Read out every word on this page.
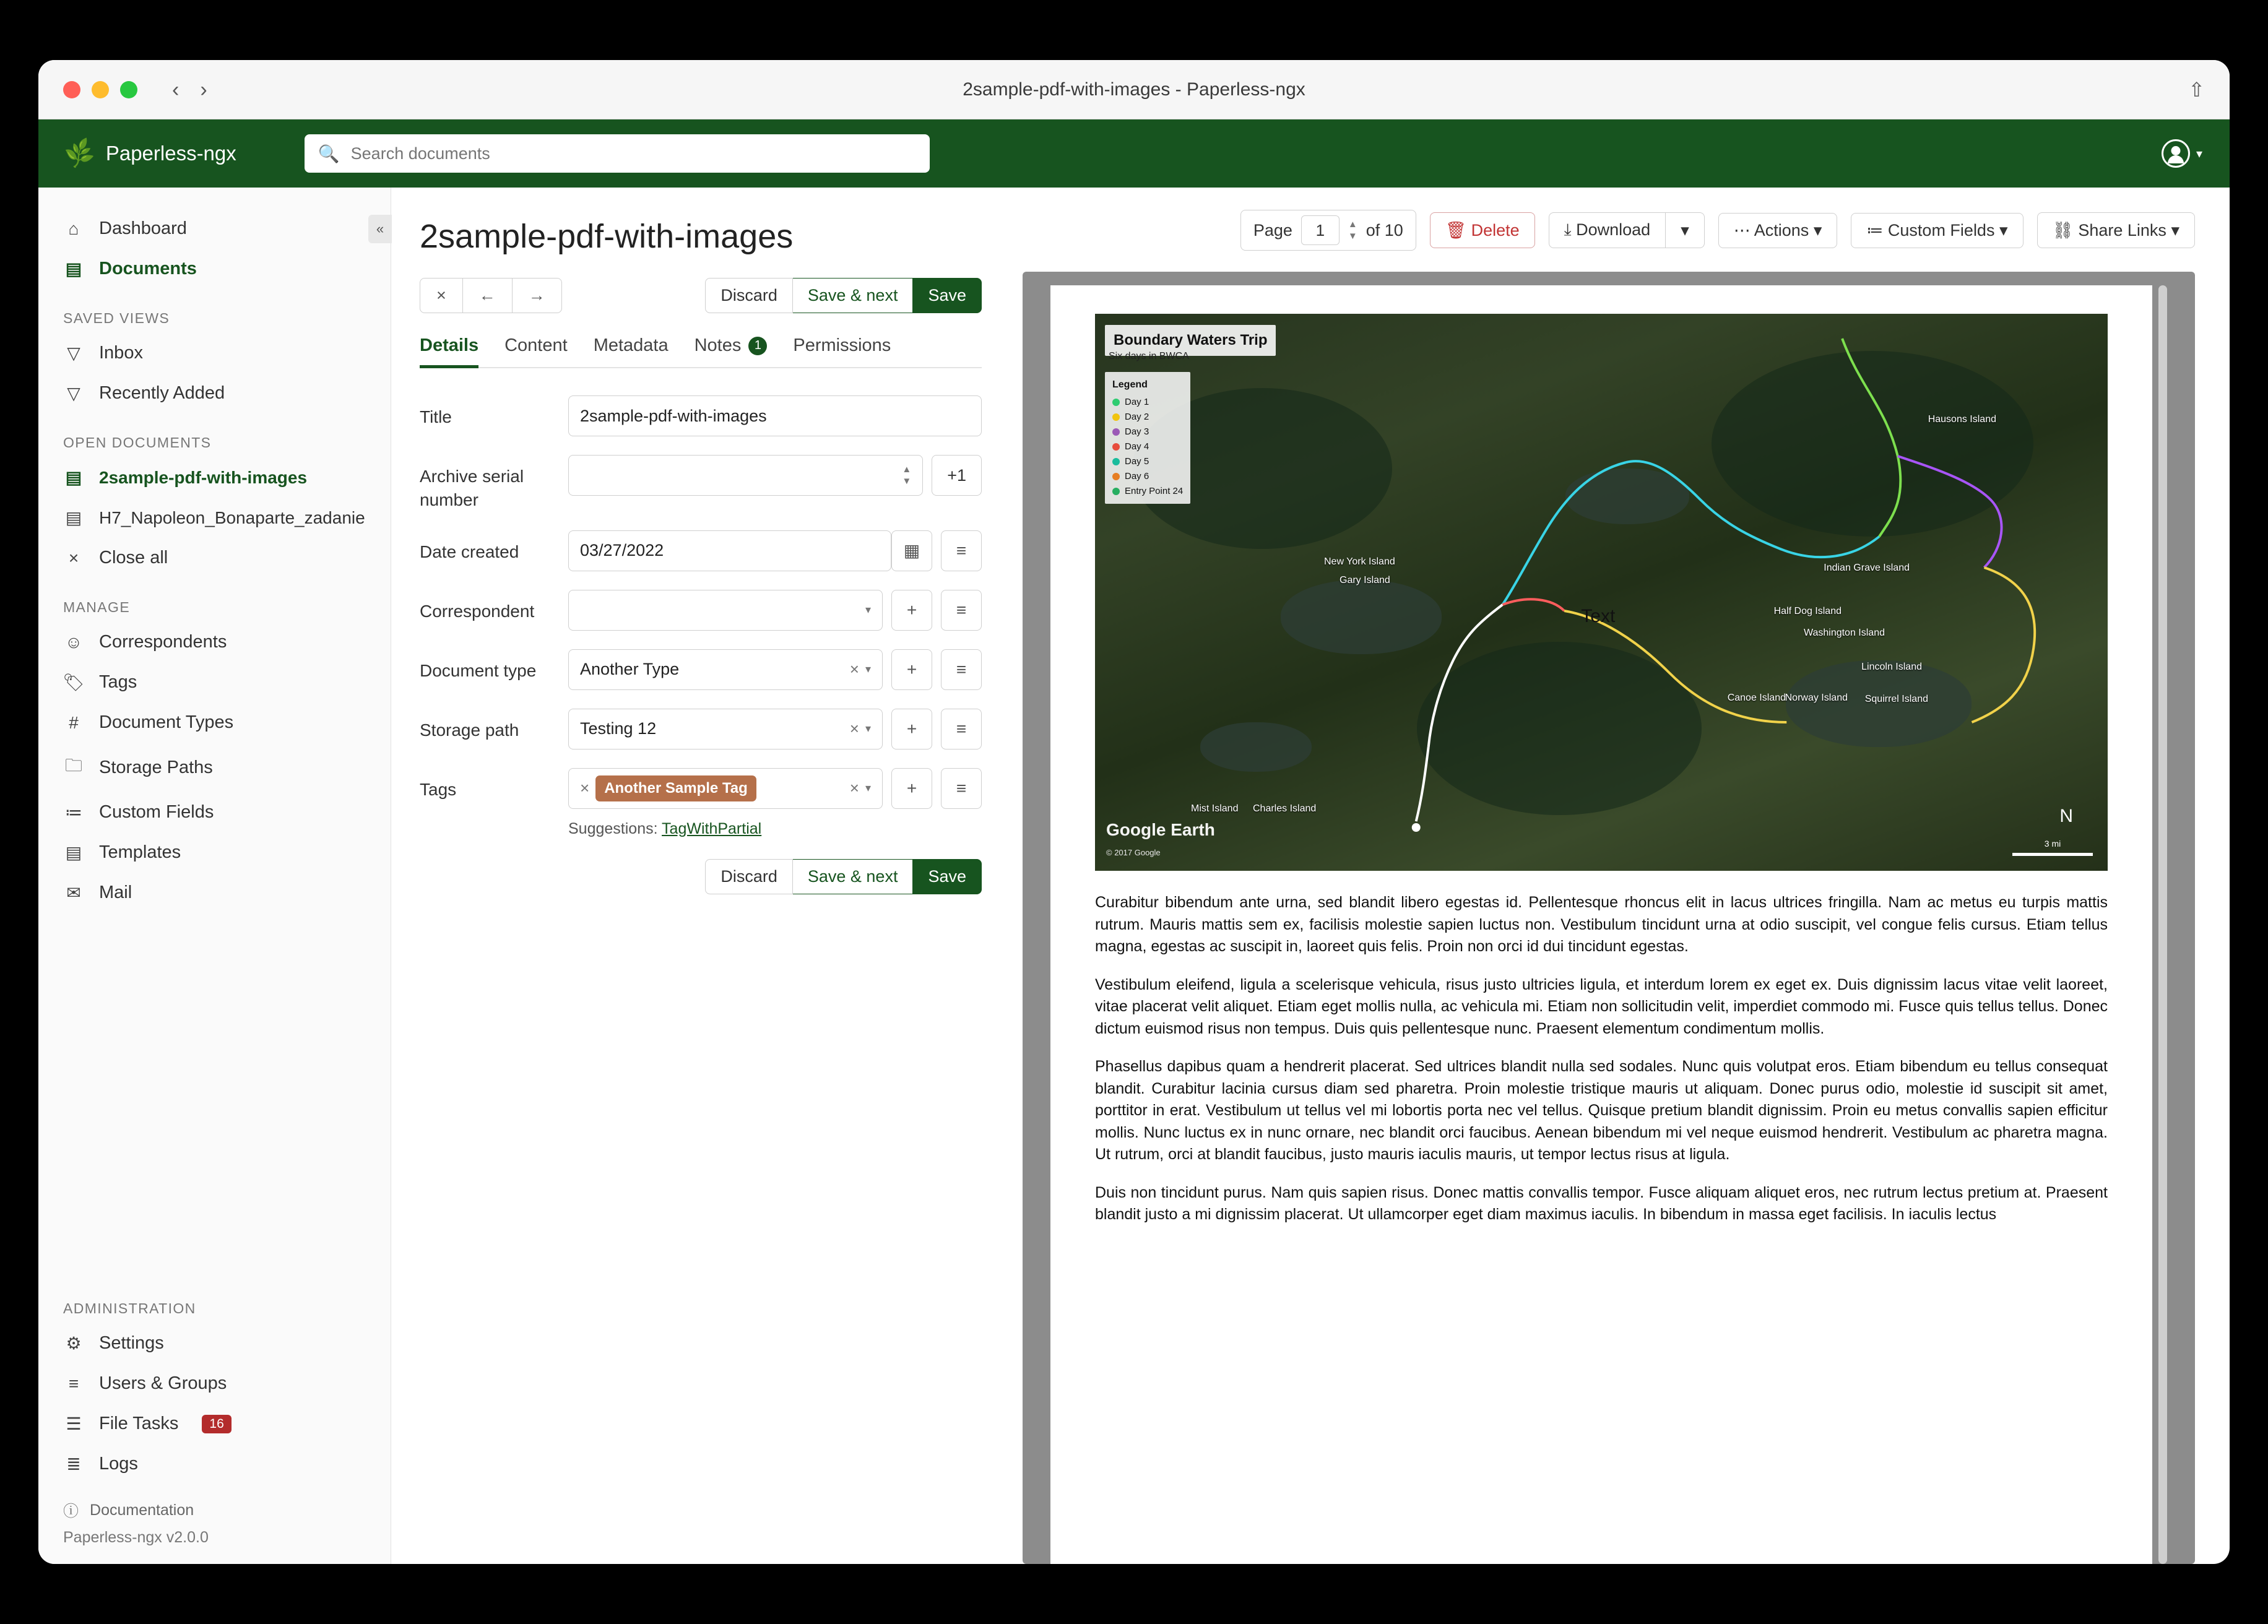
‹ ›	2sample-pdf-with-images - Paperless-ngx	⇧
🌿 Paperless-ngx	🔍
Search documents	▾
«
⌂ Dashboard
▤ Documents
SAVED VIEWS
▽ Inbox
▽ Recently Added
OPEN DOCUMENTS
▤ 2sample-pdf-with-images
▤ H7_Napoleon_Bonaparte_zadanie
×	Close all
MANAGE
☺ Correspondents
🏷 Tags
#	Document Types
🗀 Storage Paths
≔ Custom Fields
▤ Templates
✉ Mail
ADMINISTRATION
⚙ Settings
≡	Users & Groups
☰ File Tasks	16
≣ Logs
ⓘ Documentation
Paperless-ngx v2.0.0
2sample-pdf-with-images
×	←	→	Discard	Save & next	Save
Details Content Metadata Notes	1	Permissions
Title	2sample-pdf-with-images
Archive serial number
▲
▼	+1
Date created	03/27/2022	▦	≡
Correspondent	▾	+	≡
Document type	Another Type	× ▾	+	≡
Storage path	Testing 12	× ▾	+	≡
Tags	×	Another Sample Tag	× ▾	+	≡
Suggestions: TagWithPartial
Discard	Save & next	Save
Page	1	▲
▼ of 10	🗑 Delete	⤓ Download	▾	⋯ Actions ▾	≔ Custom Fields ▾	⛓ Share Links ▾
Boundary Waters Trip
Six days in BWCA
Legend
Day 1
Day 2
Day 3
Day 4
Day 5
Day 6
Entry Point 24
Hausons Island
New York Island
Gary Island
Indian Grave Island
Half Dog Island
Washington Island
Lincoln Island
Canoe Island
Norway Island Squirrel Island
Mist Island Charles Island
Text
Google Earth
© 2017 Google
N
3 mi

Curabitur bibendum ante urna, sed blandit libero egestas id. Pellentesque rhoncus elit in lacus ultrices fringilla. Nam ac metus eu turpis mattis rutrum. Mauris mattis sem ex, facilisis molestie sapien luctus non. Vestibulum tincidunt urna at odio suscipit, vel congue felis cursus. Etiam tellus magna, egestas ac suscipit in, laoreet quis felis. Proin non orci id dui tincidunt egestas.

Vestibulum eleifend, ligula a scelerisque vehicula, risus justo ultricies ligula, et interdum lorem ex eget ex. Duis dignissim lacus vitae velit laoreet, vitae placerat velit aliquet. Etiam eget mollis nulla, ac vehicula mi. Etiam non sollicitudin velit, imperdiet commodo mi. Fusce quis tellus tellus. Donec dictum euismod risus non tempus. Duis quis pellentesque nunc. Praesent elementum condimentum mollis.

Phasellus dapibus quam a hendrerit placerat. Sed ultrices blandit nulla sed sodales. Nunc quis volutpat eros. Etiam bibendum eu tellus consequat blandit. Curabitur lacinia cursus diam sed pharetra. Proin molestie tristique mauris ut aliquam. Donec purus odio, molestie id suscipit sit amet, porttitor in erat. Vestibulum ut tellus vel mi lobortis porta nec vel tellus. Quisque pretium blandit dignissim. Proin eu metus convallis sapien efficitur mollis. Nunc luctus ex in nunc ornare, nec blandit orci faucibus. Aenean bibendum mi vel neque euismod hendrerit. Vestibulum ac pharetra magna. Ut rutrum, orci at blandit faucibus, justo mauris iaculis mauris, ut tempor lectus risus at ligula.

Duis non tincidunt purus. Nam quis sapien risus. Donec mattis convallis tempor. Fusce aliquam aliquet eros, nec rutrum lectus pretium at. Praesent blandit justo a mi dignissim placerat. Ut ullamcorper eget diam maximus iaculis. In bibendum in massa eget facilisis. In iaculis lectus
